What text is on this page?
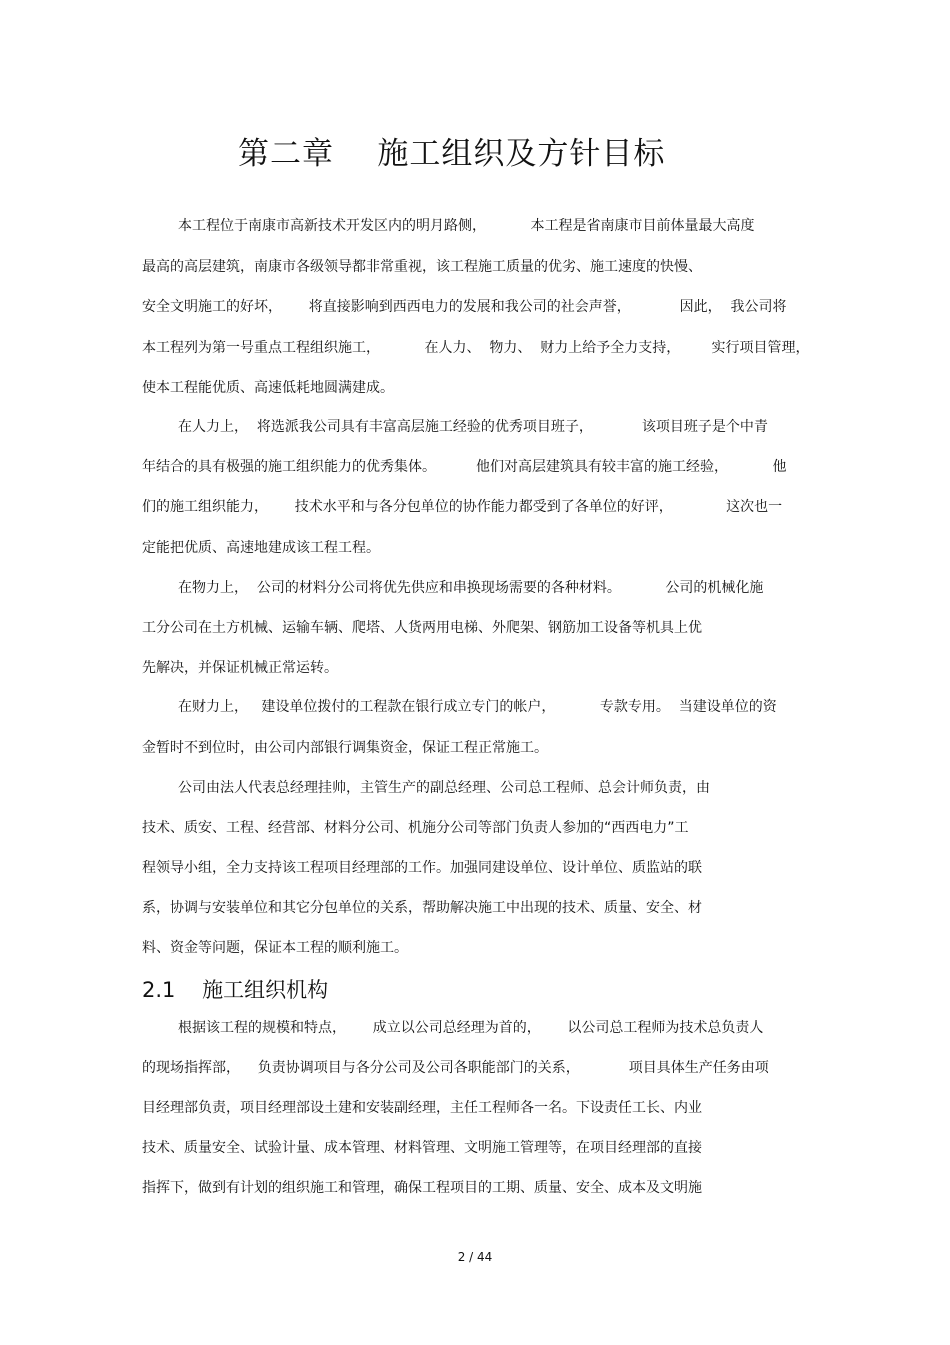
第二章    施工组织及方针目标
本工程位于南康市高新技术开发区内的明月路侧，          本工程是省南康市目前体量最大高度
最高的高层建筑，南康市各级领导都非常重视，该工程施工质量的优劣、施工速度的快慢、
安全文明施工的好坏，      将直接影响到西西电力的发展和我公司的社会声誉，           因此，  我公司将
本工程列为第一号重点工程组织施工，          在人力、  物力、  财力上给予全力支持，       实行项目管理，
使本工程能优质、高速低耗地圆满建成。
在人力上，  将选派我公司具有丰富高层施工经验的优秀项目班子，           该项目班子是个中青
年结合的具有极强的施工组织能力的优秀集体。         他们对高层建筑具有较丰富的施工经验，          他
们的施工组织能力，      技术水平和与各分包单位的协作能力都受到了各单位的好评，            这次也一
定能把优质、高速地建成该工程工程。
在物力上，  公司的材料分公司将优先供应和串换现场需要的各种材料。          公司的机械化施
工分公司在土方机械、运输车辆、爬塔、人货两用电梯、外爬架、钢筋加工设备等机具上优
先解决，并保证机械正常运转。
在财力上，   建设单位拨付的工程款在银行成立专门的帐户，          专款专用。  当建设单位的资
金暂时不到位时，由公司内部银行调集资金，保证工程正常施工。
公司由法人代表总经理挂帅，主管生产的副总经理、公司总工程师、总会计师负责，由
技术、质安、工程、经营部、材料分公司、机施分公司等部门负责人参加的“西西电力”工
程领导小组，全力支持该工程项目经理部的工作。加强同建设单位、设计单位、质监站的联
系，协调与安装单位和其它分包单位的关系，帮助解决施工中出现的技术、质量、安全、材
料、资金等问题，保证本工程的顺利施工。
2.1    施工组织机构
根据该工程的规模和特点，      成立以公司总经理为首的，      以公司总工程师为技术总负责人
的现场指挥部，    负责协调项目与各分公司及公司各职能部门的关系，           项目具体生产任务由项
目经理部负责，项目经理部设土建和安装副经理，主任工程师各一名。下设责任工长、内业
技术、质量安全、试验计量、成本管理、材料管理、文明施工管理等，在项目经理部的直接
指挥下，做到有计划的组织施工和管理，确保工程项目的工期、质量、安全、成本及文明施
2 / 44
